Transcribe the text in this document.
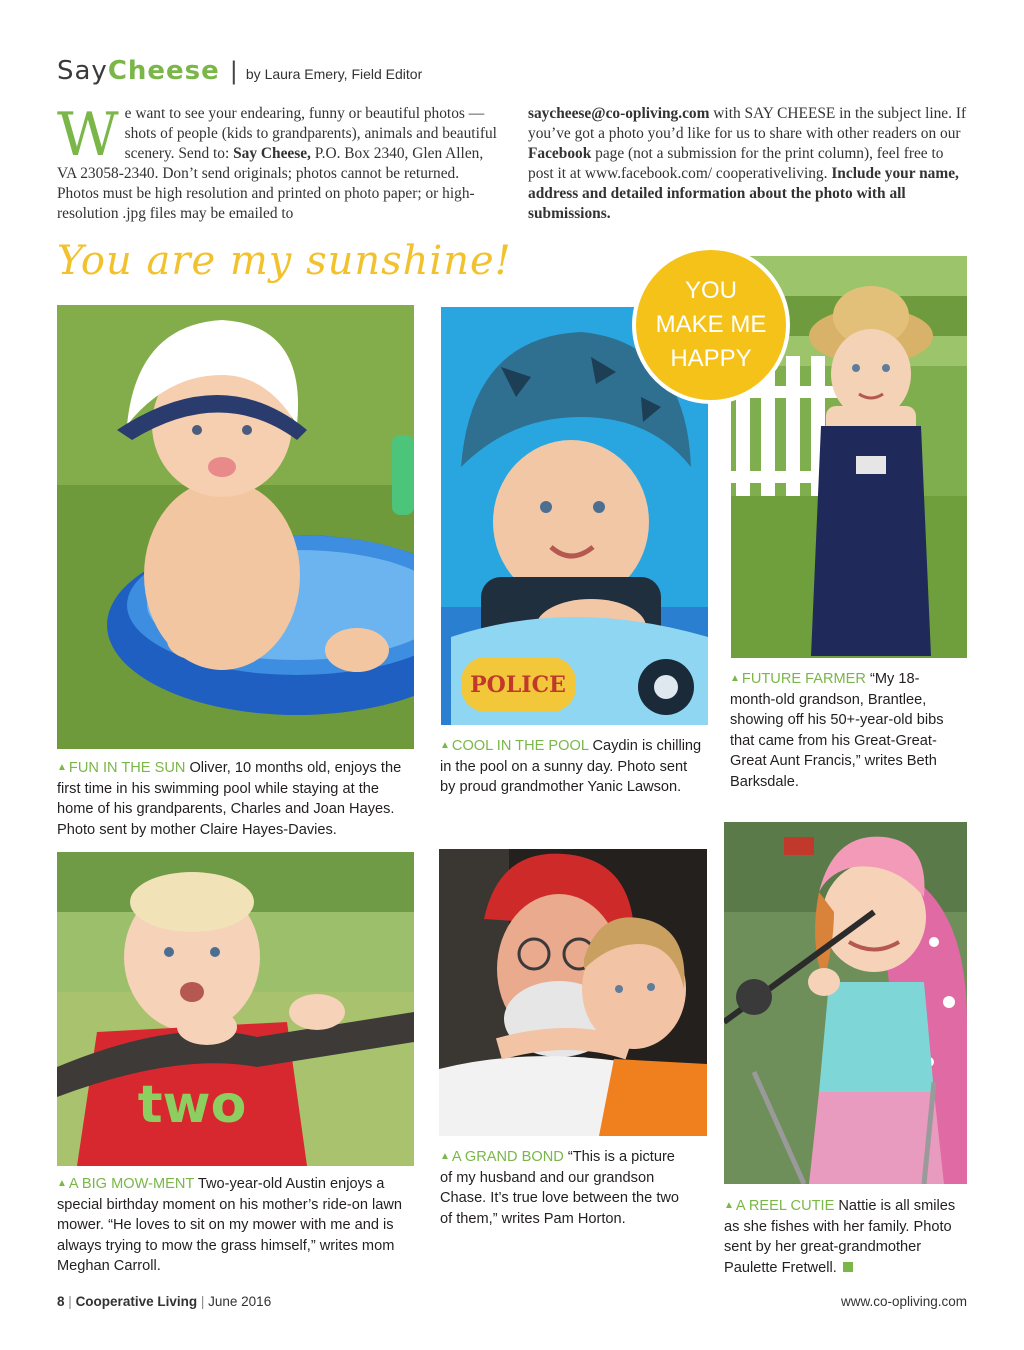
SayCheese | by Laura Emery, Field Editor
We want to see your endearing, funny or beautiful photos — shots of people (kids to grandparents), animals and beautiful scenery. Send to: Say Cheese, P.O. Box 2340, Glen Allen, VA 23058-2340. Don’t send originals; photos cannot be returned. Photos must be high resolution and printed on photo paper; or high-resolution .jpg files may be emailed to
saycheese@co-opliving.com with SAY CHEESE in the subject line. If you’ve got a photo you’d like for us to share with other readers on our Facebook page (not a submission for the print column), feel free to post it at www.facebook.com/ cooperativeliving. Include your name, address and detailed information about the photo with all submissions.
You are my sunshine!
YOU
MAKE ME
HAPPY
POLICE
two
▲ FUN IN THE SUN Oliver, 10 months old, enjoys the first time in his swimming pool while staying at the home of his grandparents, Charles and Joan Hayes. Photo sent by mother Claire Hayes-Davies.
▲ COOL IN THE POOL Caydin is chilling in the pool on a sunny day. Photo sent by proud grandmother Yanic Lawson.
▲ FUTURE FARMER “My 18-month-old grandson, Brantlee, showing off his 50+-year-old bibs that came from his Great-Great-Great Aunt Francis,” writes Beth Barksdale.
▲ A BIG MOW-MENT Two-year-old Austin enjoys a special birthday moment on his mother’s ride-on lawn mower. “He loves to sit on my mower with me and is always trying to mow the grass himself,” writes mom Meghan Carroll.
▲ A GRAND BOND “This is a picture of my husband and our grandson Chase. It’s true love between the two of them,” writes Pam Horton.
▲ A REEL CUTIE Nattie is all smiles as she fishes with her family. Photo sent by her great-grandmother Paulette Fretwell.
8 | Cooperative Living | June 2016	www.co-opliving.com
